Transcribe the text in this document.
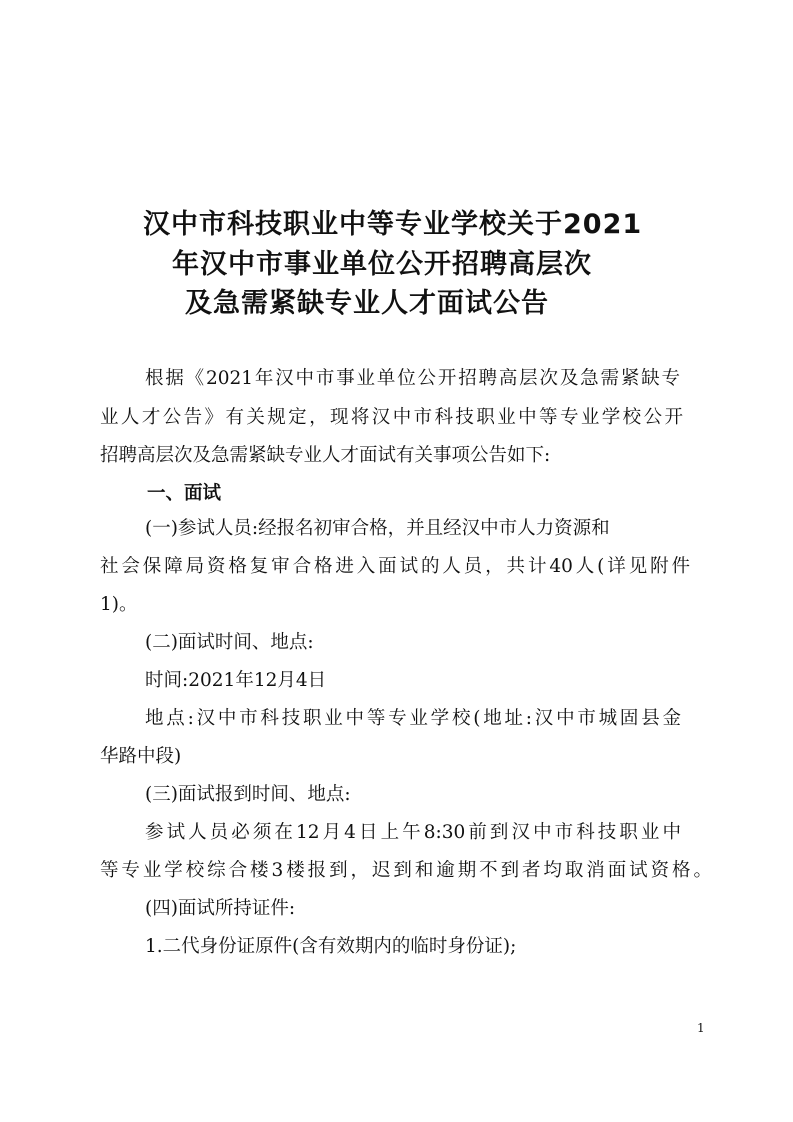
汉中市科技职业中等专业学校关于2021
年汉中市事业单位公开招聘高层次
及急需紧缺专业人才面试公告
根据《2021年汉中市事业单位公开招聘高层次及急需紧缺专
业人才公告》有关规定，现将汉中市科技职业中等专业学校公开
招聘高层次及急需紧缺专业人才面试有关事项公告如下:
一、面试
(一)参试人员:经报名初审合格，并且经汉中市人力资源和
社会保障局资格复审合格进入面试的人员，共计40人(详见附件
1)。
(二)面试时间、地点:
时间:2021年12月4日
地点:汉中市科技职业中等专业学校(地址:汉中市城固县金
华路中段)
(三)面试报到时间、地点:
参试人员必须在12月4日上午8:30前到汉中市科技职业中
等专业学校综合楼3楼报到，迟到和逾期不到者均取消面试资格。
(四)面试所持证件:
1.二代身份证原件(含有效期内的临时身份证);
1
